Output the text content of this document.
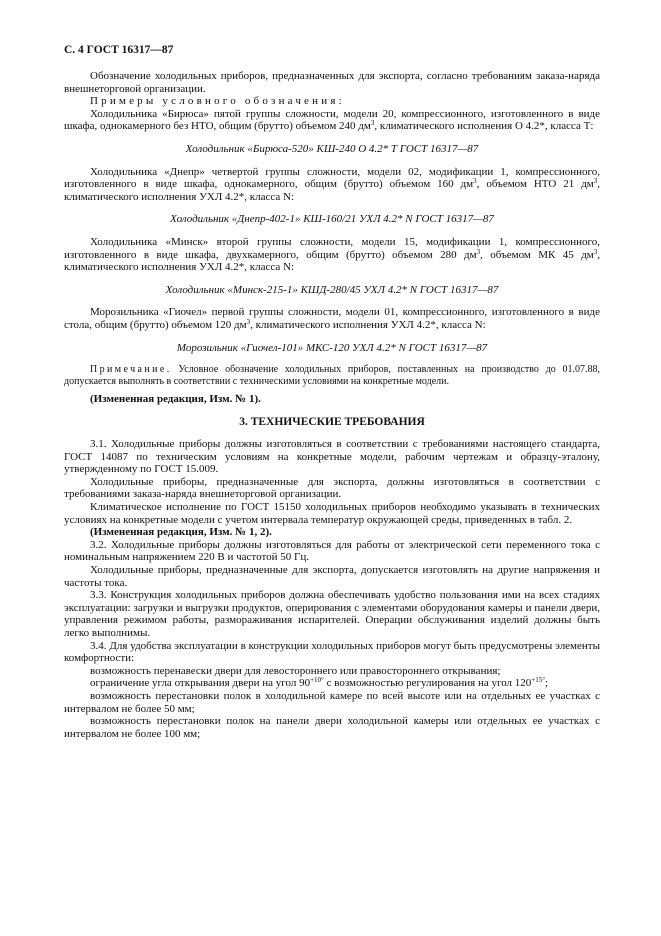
С. 4 ГОСТ 16317—87

Обозначение холодильных приборов, предназначенных для экспорта, согласно требованиям заказа-наряда внешнеторговой организации.

Примеры условного обозначения:

Холодильника «Бирюса» пятой группы сложности, модели 20, компрессионного, изготовленного в виде шкафа, однокамерного без НТО, общим (брутто) объемом 240 $дм^3$, климатического исполнения О 4.2*, класса Т:

Холодильник «Бирюса-520» КШ-240 О 4.2* Т ГОСТ 16317—87

Холодильника «Днепр» четвертой группы сложности, модели 02, модификации 1, компрессионного, изготовленного в виде шкафа, однокамерного, общим (брутто) объемом 160 $дм^3$, объемом НТО 21 $дм^3$, климатического исполнения УХЛ 4.2*, класса N:

Холодильник «Днепр-402-1» КШ-160/21 УХЛ 4.2* N ГОСТ 16317—87

Холодильника «Минск» второй группы сложности, модели 15, модификации 1, компрессионного, изготовленного в виде шкафа, двухкамерного, общим (брутто) объемом 280 $дм^3$, объемом МК 45 $дм^3$, климатического исполнения УХЛ 4.2*, класса N:

Холодильник «Минск-215-1» КШД-280/45 УХЛ 4.2* N ГОСТ 16317—87

Морозильника «Гиочел» первой группы сложности, модели 01, компрессионного, изготовленного в виде стола, общим (брутто) объемом 120 $дм^3$, климатического исполнения УХЛ 4.2*, класса N:

Морозильник «Гиочел-101» МКС-120 УХЛ 4.2* N ГОСТ 16317—87

Примечание. Условное обозначение холодильных приборов, поставленных на производство до 01.07.88, допускается выполнять в соответствии с техническими условиями на конкретные модели.

(Измененная редакция, Изм. № 1).

3. ТЕХНИЧЕСКИЕ ТРЕБОВАНИЯ

3.1. Холодильные приборы должны изготовляться в соответствии с требованиями настоящего стандарта, ГОСТ 14087 по техническим условиям на конкретные модели, рабочим чертежам и образцу-эталону, утвержденному по ГОСТ 15.009.

Холодильные приборы, предназначенные для экспорта, должны изготовляться в соответствии с требованиями заказа-наряда внешнеторговой организации.

Климатическое исполнение по ГОСТ 15150 холодильных приборов необходимо указывать в технических условиях на конкретные модели с учетом интервала температур окружающей среды, приведенных в табл. 2.

(Измененная редакция, Изм. № 1, 2).

3.2. Холодильные приборы должны изготовляться для работы от электрической сети переменного тока с номинальным напряжением 220 В и частотой 50 Гц.

Холодильные приборы, предназначенные для экспорта, допускается изготовлять на другие напряжения и частоты тока.

3.3. Конструкция холодильных приборов должна обеспечивать удобство пользования ими на всех стадиях эксплуатации: загрузки и выгрузки продуктов, оперирования с элементами оборудования камеры и панели двери, управления режимом работы, размораживания испарителей. Операции обслуживания изделий должны быть легко выполнимы.

3.4. Для удобства эксплуатации в конструкции холодильных приборов могут быть предусмотрены элементы комфортности:

возможность перенавески двери для левостороннего или правостороннего открывания;

ограничение угла открывания двери на угол $90^{+10^\circ}$ с возможностью регулирования на угол $120^{+15^\circ}$;

возможность перестановки полок в холодильной камере по всей высоте или на отдельных ее участках с интервалом не более 50 мм;

возможность перестановки полок на панели двери холодильной камеры или отдельных ее участках с интервалом не более 100 мм;
